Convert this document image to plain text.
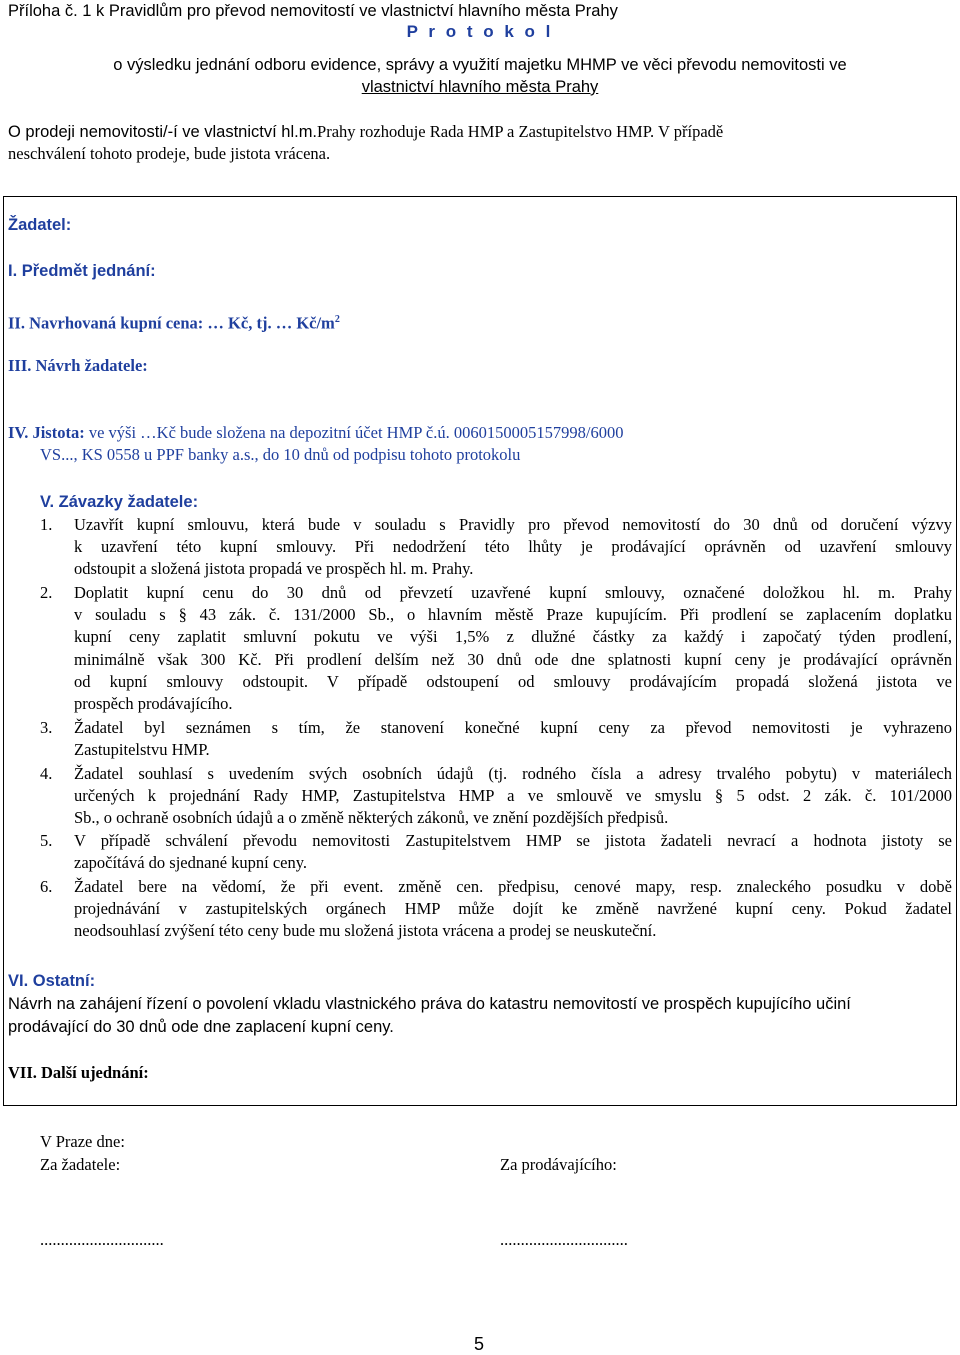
Příloha č. 1 k Pravidlům pro převod nemovitostí ve vlastnictví hlavního města Prahy
P r o t o k o l
o výsledku jednání odboru evidence, správy a využití majetku MHMP ve věci převodu nemovitosti ve
vlastnictví hlavního města Prahy
O prodeji nemovitosti/-í ve vlastnictví hl.m.Prahy rozhoduje Rada HMP a Zastupitelstvo HMP. V případě
neschválení tohoto prodeje, bude jistota vrácena.
Žadatel:
I. Předmět jednání:
II. Navrhovaná kupní cena: … Kč, tj. … $Kč/m^2$
III. Návrh žadatele:
IV. Jistota: ve výši …Kč bude složena na depozitní účet HMP č.ú. 0060150005157998/6000
VS..., KS 0558 u PPF banky a.s., do 10 dnů od podpisu tohoto protokolu
V. Závazky žadatele:
1.	Uzavřít kupní smlouvu, která bude v souladu s Pravidly pro převod nemovitostí do 30 dnů od doručení výzvy
k uzavření této kupní smlouvy. Při nedodržení této lhůty je prodávající oprávněn od uzavření smlouvy
odstoupit a složená jistota propadá ve prospěch hl. m. Prahy.
2.	Doplatit kupní cenu do 30 dnů od převzetí uzavřené kupní smlouvy, označené doložkou hl. m. Prahy
v souladu s § 43 zák. č. 131/2000 Sb., o hlavním městě Praze kupujícím. Při prodlení se zaplacením doplatku
kupní ceny zaplatit smluvní pokutu ve výši 1,5% z dlužné částky za každý i započatý týden prodlení,
minimálně však 300 Kč. Při prodlení delším než 30 dnů ode dne splatnosti kupní ceny je prodávající oprávněn
od kupní smlouvy odstoupit. V případě odstoupení od smlouvy prodávajícím propadá složená jistota ve
prospěch prodávajícího.
3.	Žadatel byl seznámen s tím, že stanovení konečné kupní ceny za převod nemovitosti je vyhrazeno
Zastupitelstvu HMP.
4.	Žadatel souhlasí s uvedením svých osobních údajů (tj. rodného čísla a adresy trvalého pobytu) v materiálech
určených k projednání Rady HMP, Zastupitelstva HMP a ve smlouvě ve smyslu § 5 odst. 2 zák. č. 101/2000
Sb., o ochraně osobních údajů a o změně některých zákonů, ve znění pozdějších předpisů.
5.	V případě schválení převodu nemovitosti Zastupitelstvem HMP se jistota žadateli nevrací a hodnota jistoty se
započítává do sjednané kupní ceny.
6.	Žadatel bere na vědomí, že při event. změně cen. předpisu, cenové mapy, resp. znaleckého posudku v době
projednávání v zastupitelských orgánech HMP může dojít ke změně navržené kupní ceny. Pokud žadatel
neodsouhlasí zvýšení této ceny bude mu složená jistota vrácena a prodej se neuskuteční.
VI. Ostatní:
Návrh na zahájení řízení o povolení vkladu vlastnického práva do katastru nemovitostí ve prospěch kupujícího učiní
prodávající do 30 dnů ode dne zaplacení kupní ceny.
VII. Další ujednání:
V Praze dne:
Za žadatele:	Za prodávajícího:
..............................	...............................
5
